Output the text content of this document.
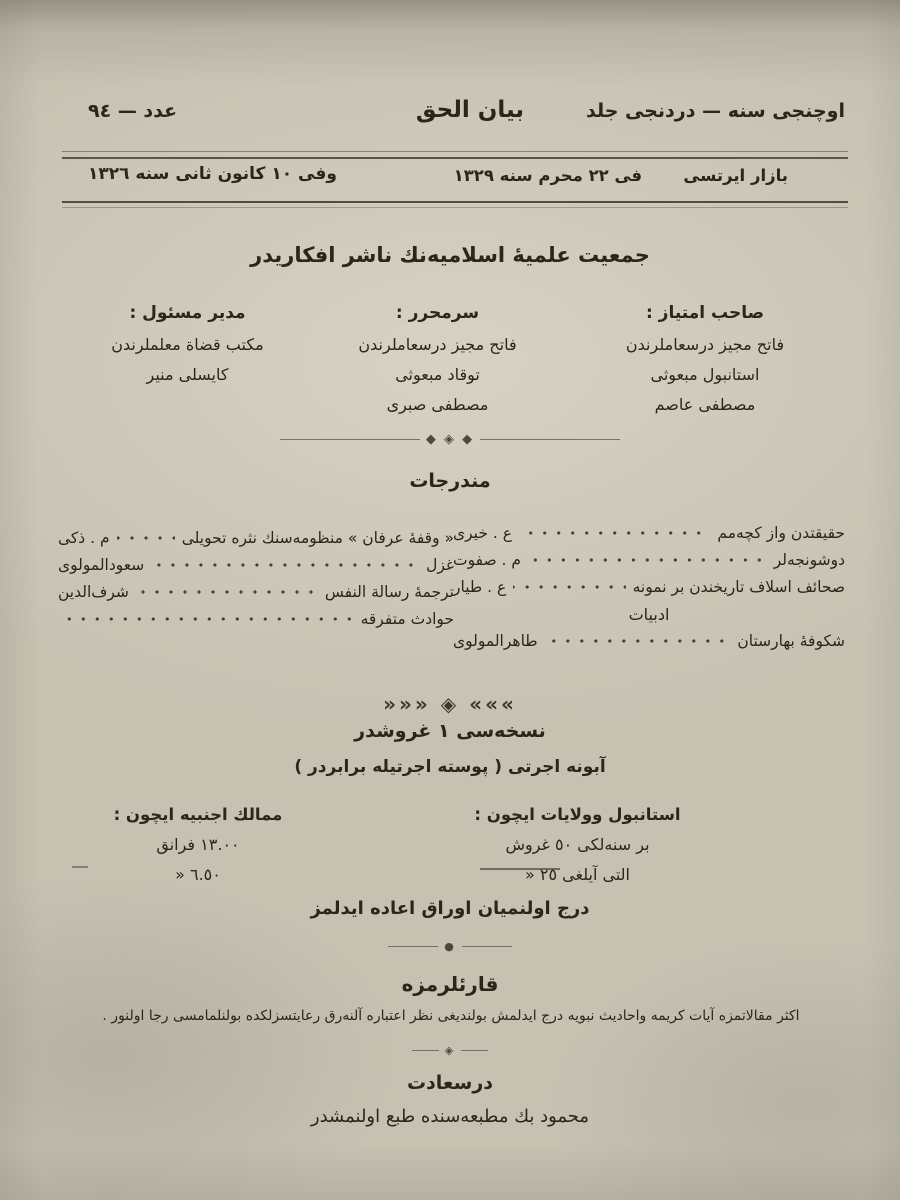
اوچنجى سنه — دردنجى جلد
بيان الحق
عدد — ٩٤
بازار ايرتسى
فى ٢٢ محرم سنه ١٣٢٩
وفى ١٠ كانون ثانى سنه ١٣٢٦
جمعيت علميهٔ اسلاميه‌نك ناشر افكاريدر
صاحب امتياز :
فاتح مجيز درسعاملرندن
استانبول مبعوثى
مصطفى عاصم
سرمحرر :
فاتح مجيز درسعاملرندن
توقاد مبعوثى
مصطفى صبرى
مدير مسئول :
مكتب قضاة معلملرندن
كايسلى منير
◆ ◈ ◆
مندرجات
حقيقتدن واز كچه‌مم
ع . خيرى
دوشونجه‌لر
م . صفوت
صحائف اسلاف تاريخندن بر نمونه
ع . طيار
ادبيات
شكوفهٔ بهارستان
طاهرالمولوى
« وقفهٔ عرفان » منظومه‌سنك نثره تحويلى
م . ذكى
غزل
سعودالمولوى
ترجمهٔ رسالة النفس
شرف‌الدين
حوادث متفرقه
»»» ◈ «««
نسخه‌سى ١ غروشدر
آبونه اجرتى ( پوسته اجرتيله برابردر )
استانبول وولايات ايچون :
بر سنه‌لكى ٥٠ غروش
التى آيلغى ٢٥ «
ممالك اجنبيه ايچون :
١٣.٠٠ فرانق
٦.٥٠ «
درج اولنميان اوراق اعاده ايدلمز
●
قارئلرمزه
اكثر مقالاتمزه آيات كريمه واحاديث نبويه درج ايدلمش بولنديغى نظر اعتباره آلنه‌رق رعايتسزلكده بولنلمامسى رجا اولنور .
◈
درسعادت
محمود بك مطبعه‌سنده طبع اولنمشدر
